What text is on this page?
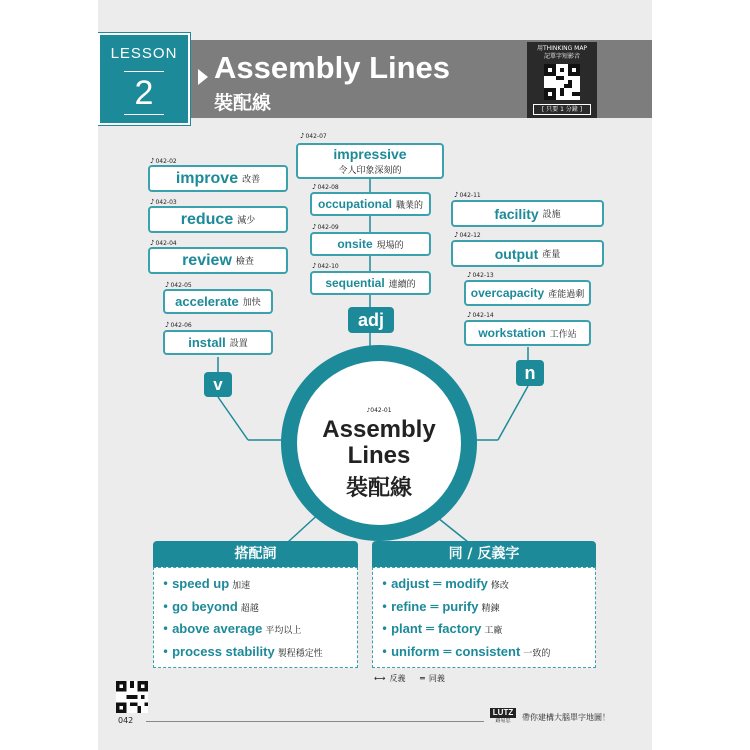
LESSON
2
Assembly Lines
裝配線
用THINKING MAP
記單字短影音
[ 只要 1 分鐘 ]
♪ 042-02
improve 改善
♪ 042-03
reduce 減少
♪ 042-04
review 檢查
♪ 042-05
accelerate 加快
♪ 042-06
install 設置
v
♪ 042-07
impressive
令人印象深刻的
♪ 042-08
occupational 職業的
♪ 042-09
onsite 現場的
♪ 042-10
sequential 連續的
adj
♪ 042-11
facility 設施
♪ 042-12
output 產量
♪ 042-13
overcapacity 產能過剩
♪ 042-14
workstation 工作站
n
♪042-01
Assembly
Lines
裝配線
搭配詞
• speed up 加速
• go beyond 超越
• above average 平均以上
• process stability 製程穩定性
同 / 反義字
• adjust ═ modify 修改
• refine ═ purify 精鍊
• plant ═ factory 工廠
• uniform ═ consistent 一致的
⟷ 反義 ═ 同義
042
LUTZ
路易思	帶你建構大腦單字地圖！
